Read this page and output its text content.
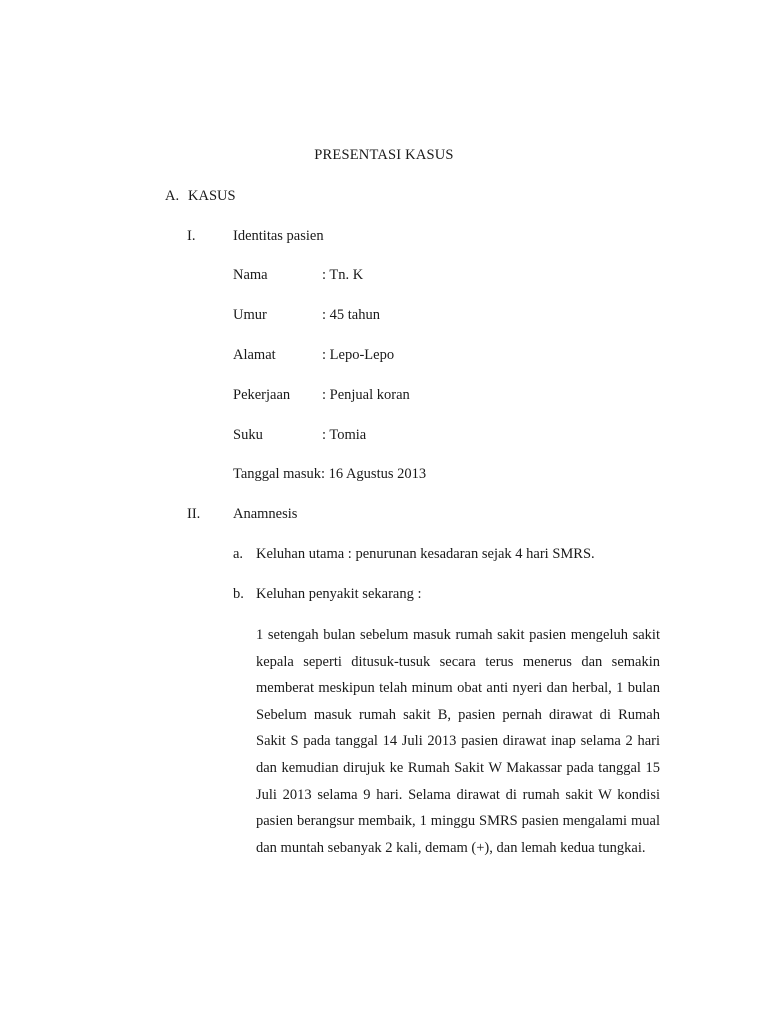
PRESENTASI KASUS
A. KASUS
I.	Identitas pasien
Nama	: Tn. K
Umur	: 45 tahun
Alamat	: Lepo-Lepo
Pekerjaan : Penjual koran
Suku	: Tomia
Tanggal masuk: 16 Agustus 2013
II. Anamnesis
a. Keluhan utama : penurunan kesadaran sejak 4 hari SMRS.
b. Keluhan penyakit sekarang :
1 setengah bulan sebelum masuk rumah sakit pasien mengeluh sakit kepala seperti ditusuk-tusuk secara terus menerus dan semakin memberat meskipun telah minum obat anti nyeri dan herbal, 1 bulan Sebelum masuk rumah sakit B, pasien pernah dirawat di Rumah Sakit S pada tanggal 14 Juli 2013 pasien dirawat inap selama 2 hari dan kemudian dirujuk ke Rumah Sakit W Makassar pada tanggal 15 Juli 2013 selama 9 hari. Selama dirawat di rumah sakit W kondisi pasien berangsur membaik, 1 minggu SMRS pasien mengalami mual dan muntah sebanyak 2 kali, demam (+), dan lemah kedua tungkai.
